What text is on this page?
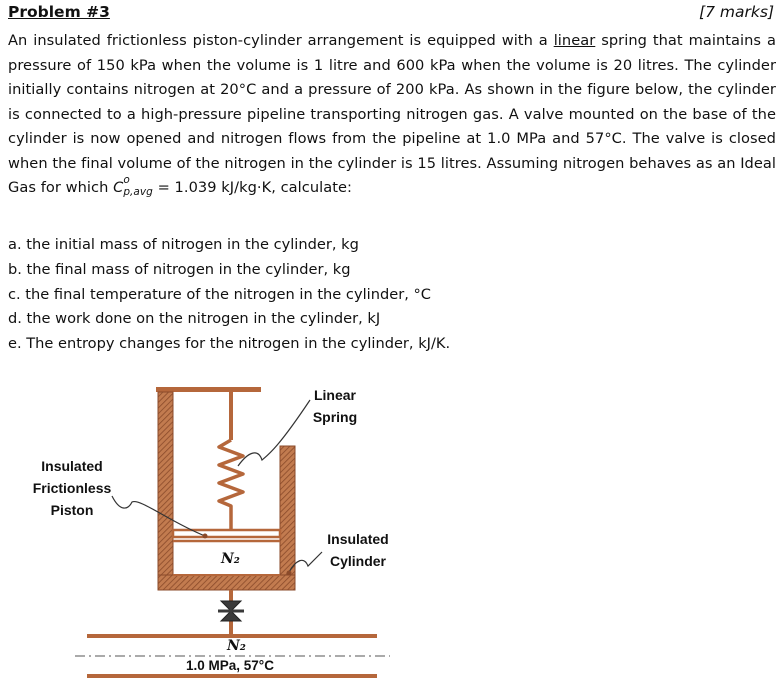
Problem #3	[7 marks]

An insulated frictionless piston-cylinder arrangement is equipped with a linear spring that maintains a pressure of 150 kPa when the volume is 1 litre and 600 kPa when the volume is 20 litres. The cylinder initially contains nitrogen at 20°C and a pressure of 200 kPa. As shown in the figure below, the cylinder is connected to a high-pressure pipeline transporting nitrogen gas. A valve mounted on the base of the cylinder is now opened and nitrogen flows from the pipeline at 1.0 MPa and 57°C. The valve is closed when the final volume of the nitrogen in the cylinder is 15 litres. Assuming nitrogen behaves as an Ideal Gas for which C o
p,avg = 1.039 kJ/kg·K, calculate:

a. the initial mass of nitrogen in the cylinder, kg
b. the final mass of nitrogen in the cylinder, kg
c. the final temperature of the nitrogen in the cylinder, °C
d. the work done on the nitrogen in the cylinder, kJ
e. The entropy changes for the nitrogen in the cylinder, kJ/K.
Linear
Spring
Insulated
Frictionless
Piston
Insulated
Cylinder
N₂
N₂
1.0 MPa, 57°C
